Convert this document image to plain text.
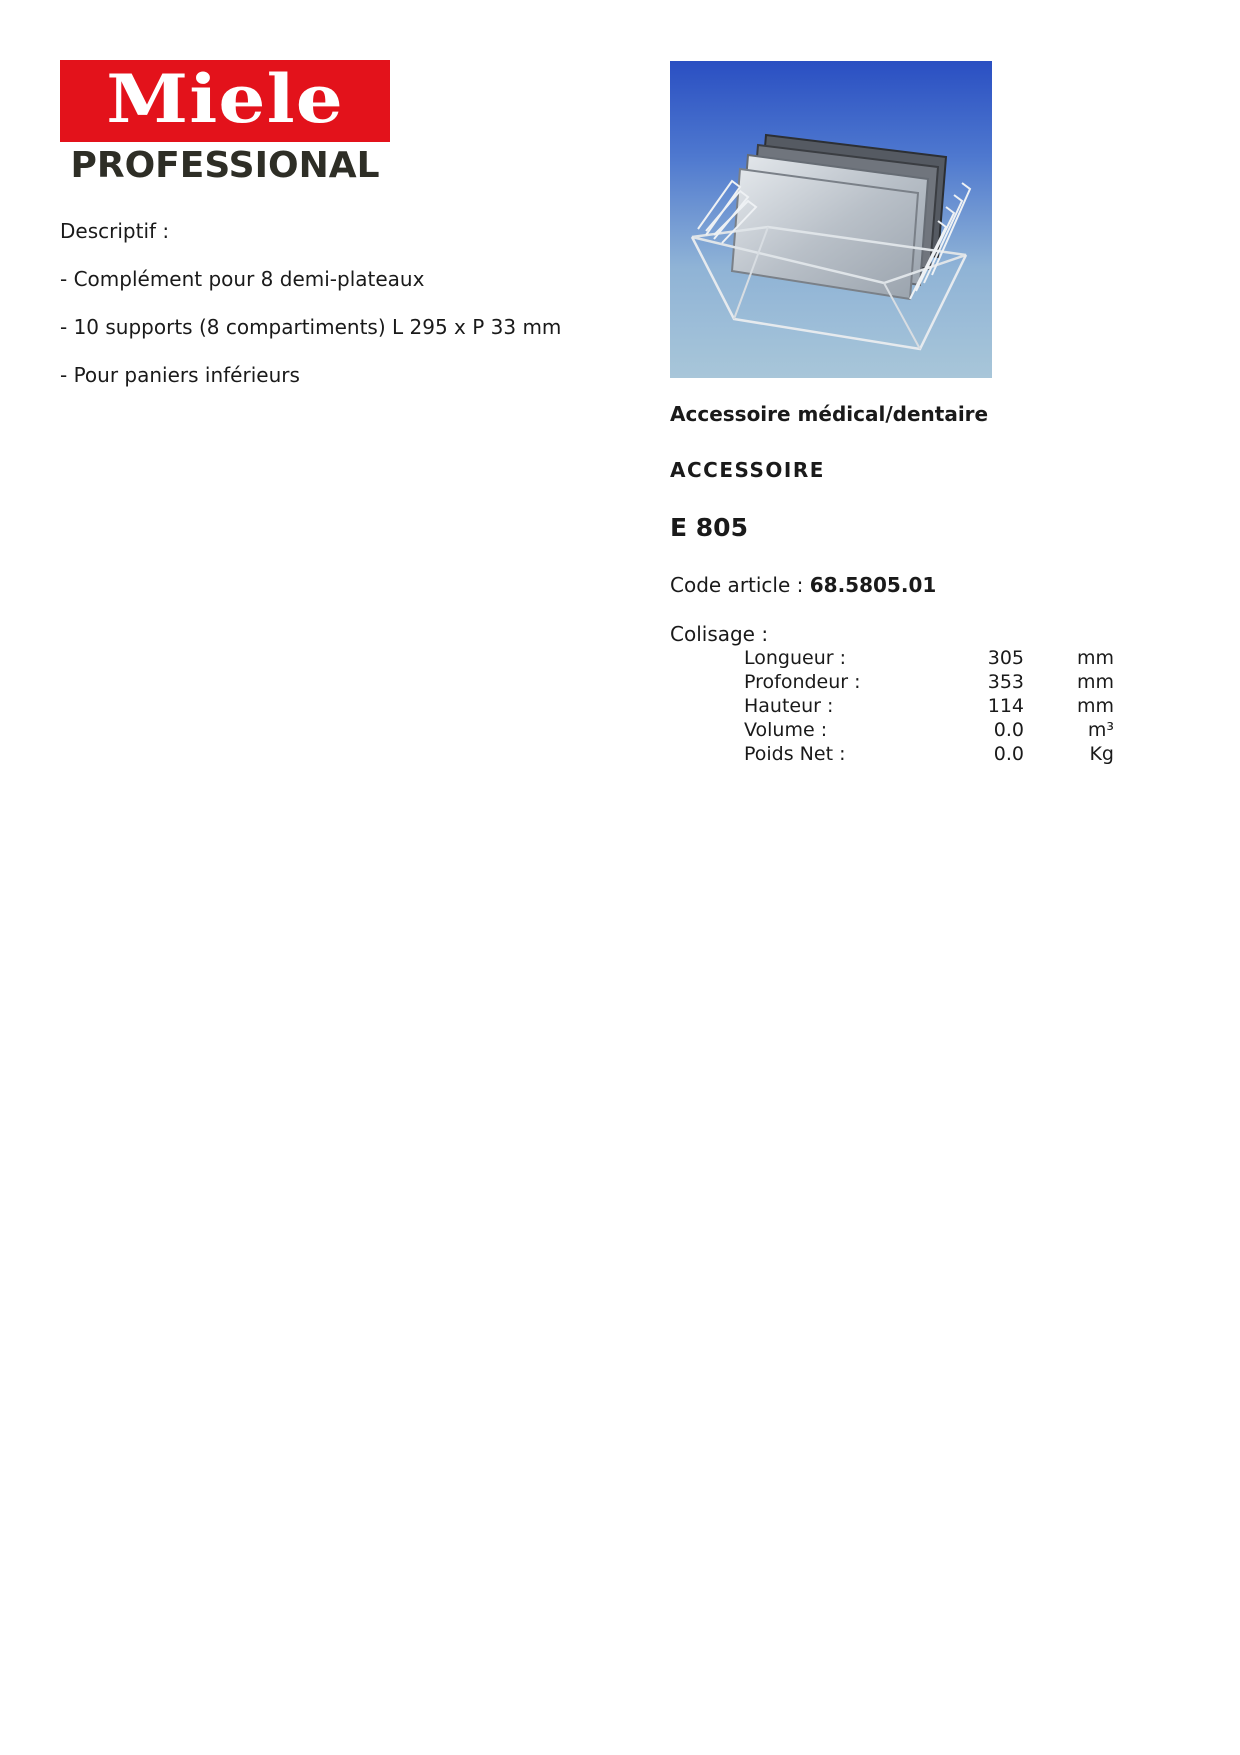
Miele
PROFESSIONAL
Descriptif :
- Complément pour 8 demi-plateaux
- 10 supports (8 compartiments) L 295 x P 33 mm
- Pour paniers inférieurs
Accessoire médical/dentaire
ACCESSOIRE
E 805
Code article : 68.5805.01
Colisage :
Longueur :	305	mm
Profondeur :	353	mm
Hauteur :	114	mm
Volume :	0.0	m³
Poids Net :	0.0	Kg
